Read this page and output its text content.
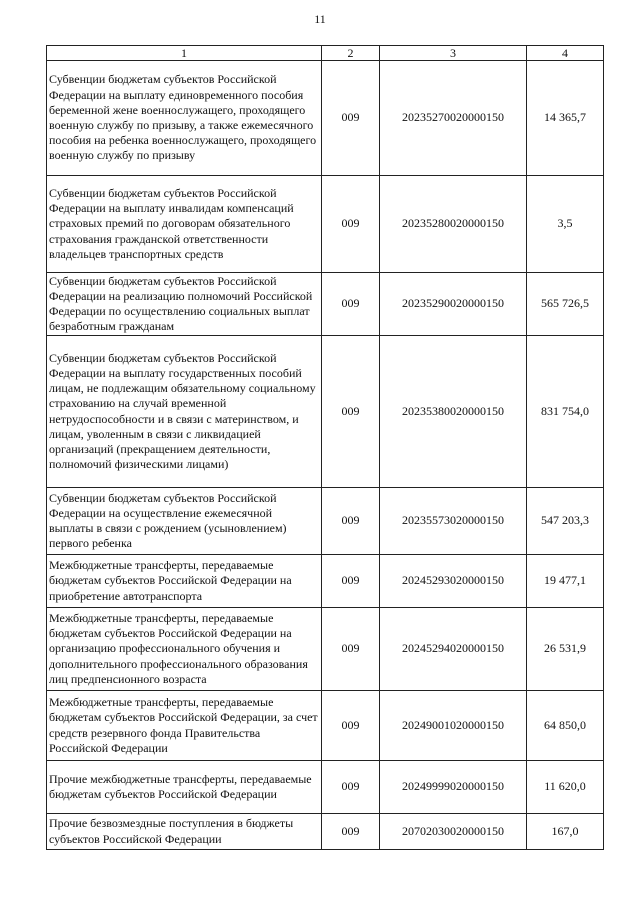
11
1	2	3	4
Субвенции бюджетам субъектов Российской Федерации на выплату единовременного пособия беременной жене военнослужащего, проходящего военную службу по призыву, а также ежемесячного пособия на ребенка военнослужащего, проходящего военную службу по призыву	009	20235270020000150	14 365,7
Субвенции бюджетам субъектов Российской Федерации на выплату инвалидам компенсаций страховых премий по договорам обязательного страхования гражданской ответственности владельцев транспортных средств	009	20235280020000150	3,5
Субвенции бюджетам субъектов Российской Федерации на реализацию полномочий Российской Федерации по осуществлению социальных выплат безработным гражданам	009	20235290020000150	565 726,5
Субвенции бюджетам субъектов Российской Федерации на выплату государственных пособий лицам, не подлежащим обязательному социальному страхованию на случай временной нетрудоспособности и в связи с материнством, и лицам, уволенным в связи с ликвидацией организаций (прекращением деятельности, полномочий физическими лицами)	009	20235380020000150	831 754,0
Субвенции бюджетам субъектов Российской Федерации на осуществление ежемесячной выплаты в связи с рождением (усыновлением) первого ребенка	009	20235573020000150	547 203,3
Межбюджетные трансферты, передаваемые бюджетам субъектов Российской Федерации на приобретение автотранспорта	009	20245293020000150	19 477,1
Межбюджетные трансферты, передаваемые бюджетам субъектов Российской Федерации на организацию профессионального обучения и дополнительного профессионального образования лиц предпенсионного возраста	009	20245294020000150	26 531,9
Межбюджетные трансферты, передаваемые бюджетам субъектов Российской Федерации, за счет средств резервного фонда Правительства Российской Федерации	009	20249001020000150	64 850,0
Прочие межбюджетные трансферты, передаваемые бюджетам субъектов Российской Федерации	009	20249999020000150	11 620,0
Прочие безвозмездные поступления в бюджеты субъектов Российской Федерации	009	20702030020000150	167,0
